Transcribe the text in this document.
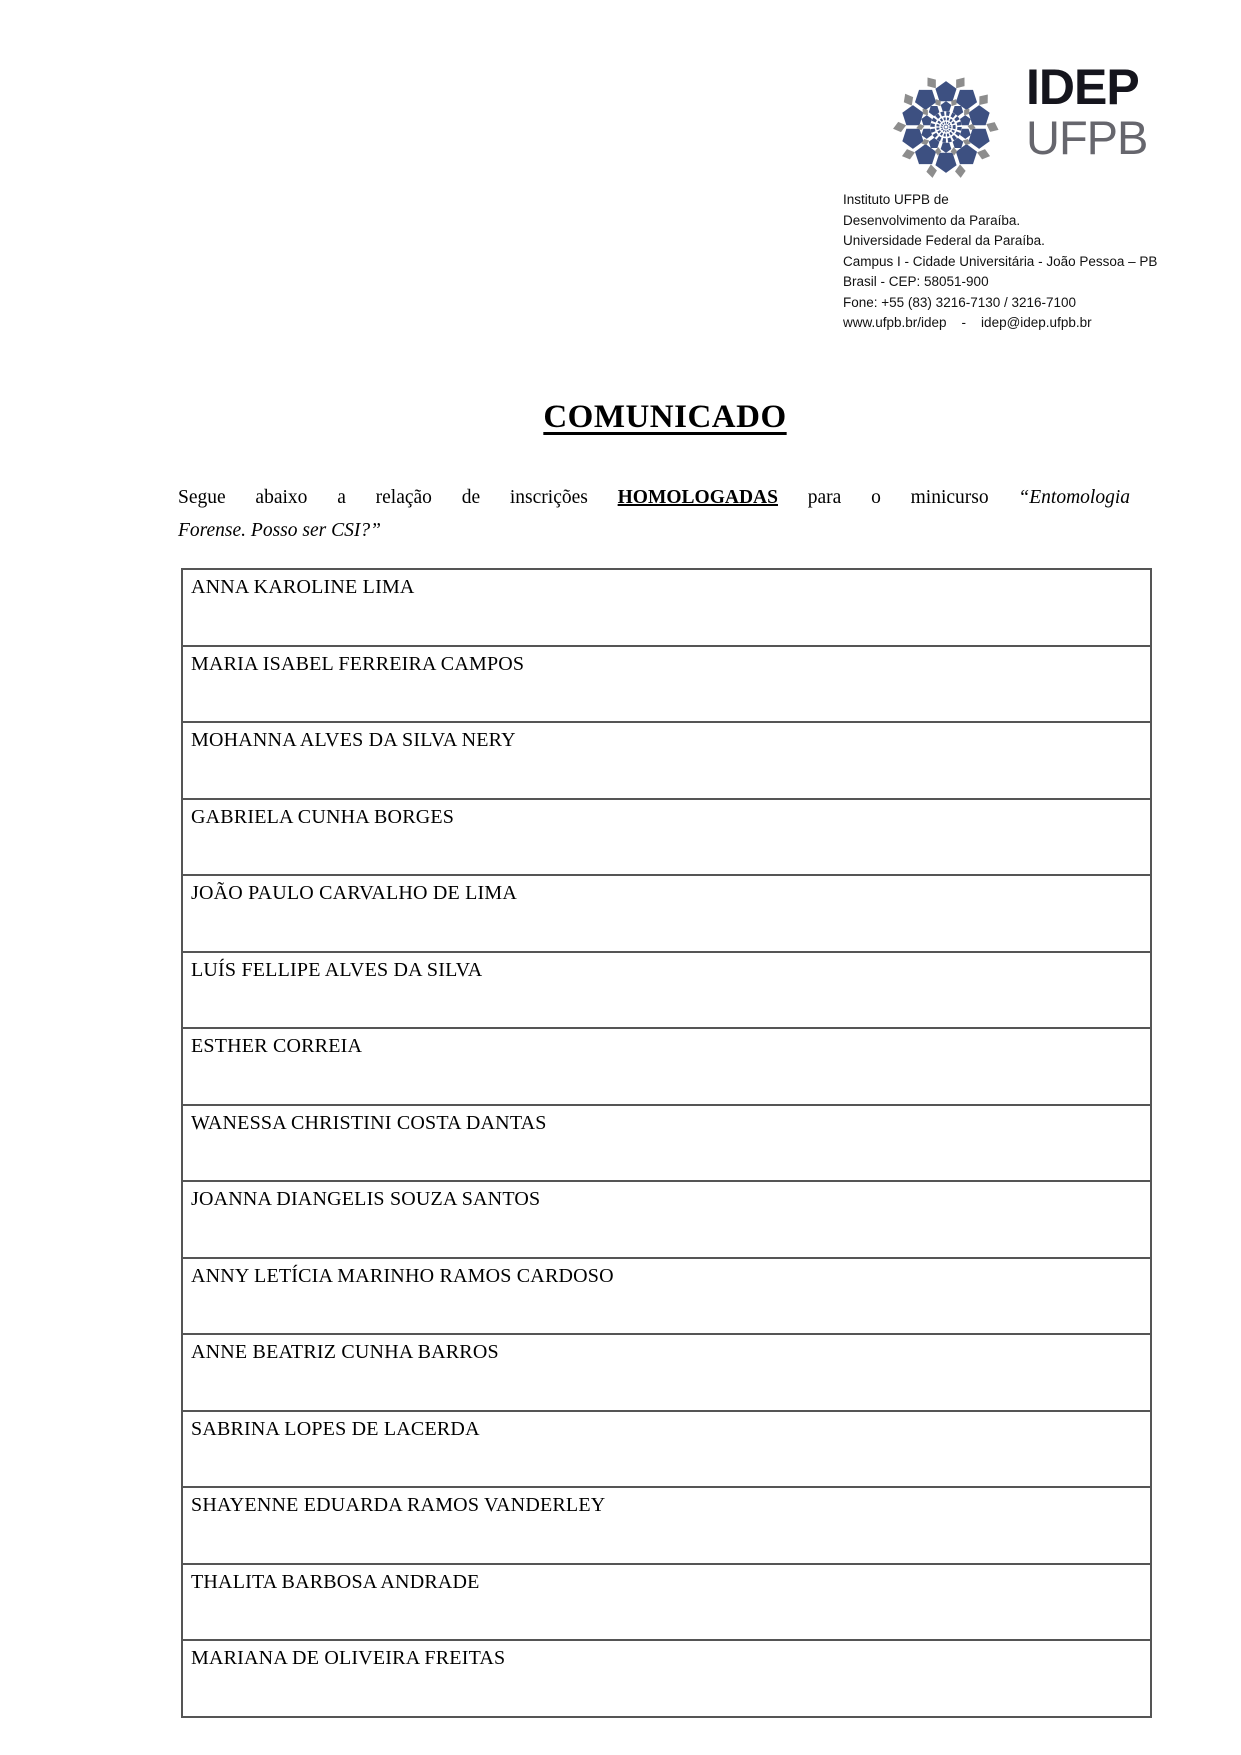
IDEP
UFPB
Instituto UFPB de
Desenvolvimento da Paraíba.
Universidade Federal da Paraíba.
Campus I - Cidade Universitária - João Pessoa – PB
Brasil - CEP: 58051-900
Fone: +55 (83) 3216-7130 / 3216-7100
www.ufpb.br/idep    -    idep@idep.ufpb.br
COMUNICADO
Segue abaixo a relação de inscrições HOMOLOGADAS para o minicurso “Entomologia
Forense. Posso ser CSI?”
ANNA KAROLINE LIMA
MARIA ISABEL FERREIRA CAMPOS
MOHANNA ALVES DA SILVA NERY
GABRIELA CUNHA BORGES
JOÃO PAULO CARVALHO DE LIMA
LUÍS FELLIPE ALVES DA SILVA
ESTHER CORREIA
WANESSA CHRISTINI COSTA DANTAS
JOANNA DIANGELIS SOUZA SANTOS
ANNY LETÍCIA MARINHO RAMOS CARDOSO
ANNE BEATRIZ CUNHA BARROS
SABRINA LOPES DE LACERDA
SHAYENNE EDUARDA RAMOS VANDERLEY
THALITA BARBOSA ANDRADE
MARIANA DE OLIVEIRA FREITAS
